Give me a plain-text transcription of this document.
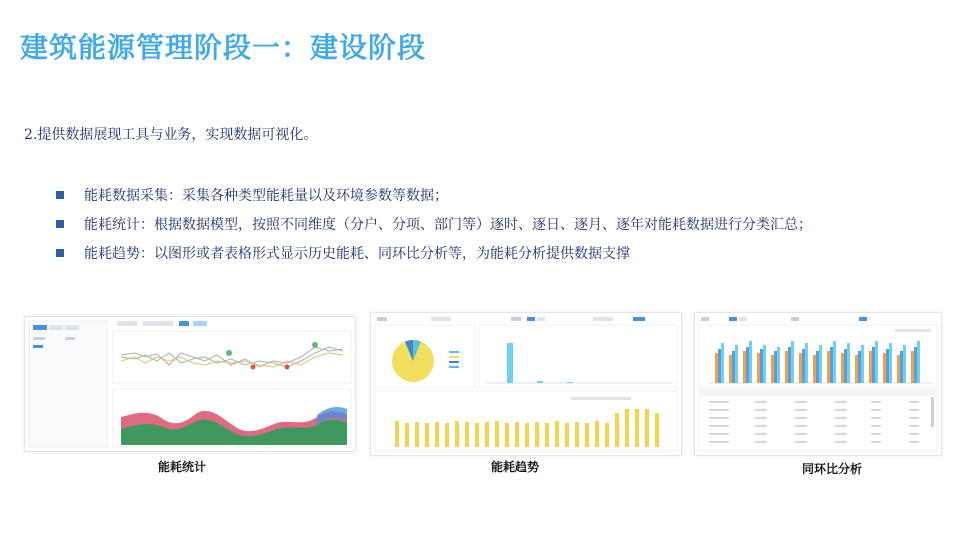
建筑能源管理阶段一：建设阶段
2.提供数据展现工具与业务，实现数据可视化。
能耗数据采集：采集各种类型能耗量以及环境参数等数据；
能耗统计：根据数据模型，按照不同维度（分户、分项、部门等）逐时、逐日、逐月、逐年对能耗数据进行分类汇总；
能耗趋势：以图形或者表格形式显示历史能耗、同环比分析等，为能耗分析提供数据支撑
能耗统计	能耗趋势	同环比分析
